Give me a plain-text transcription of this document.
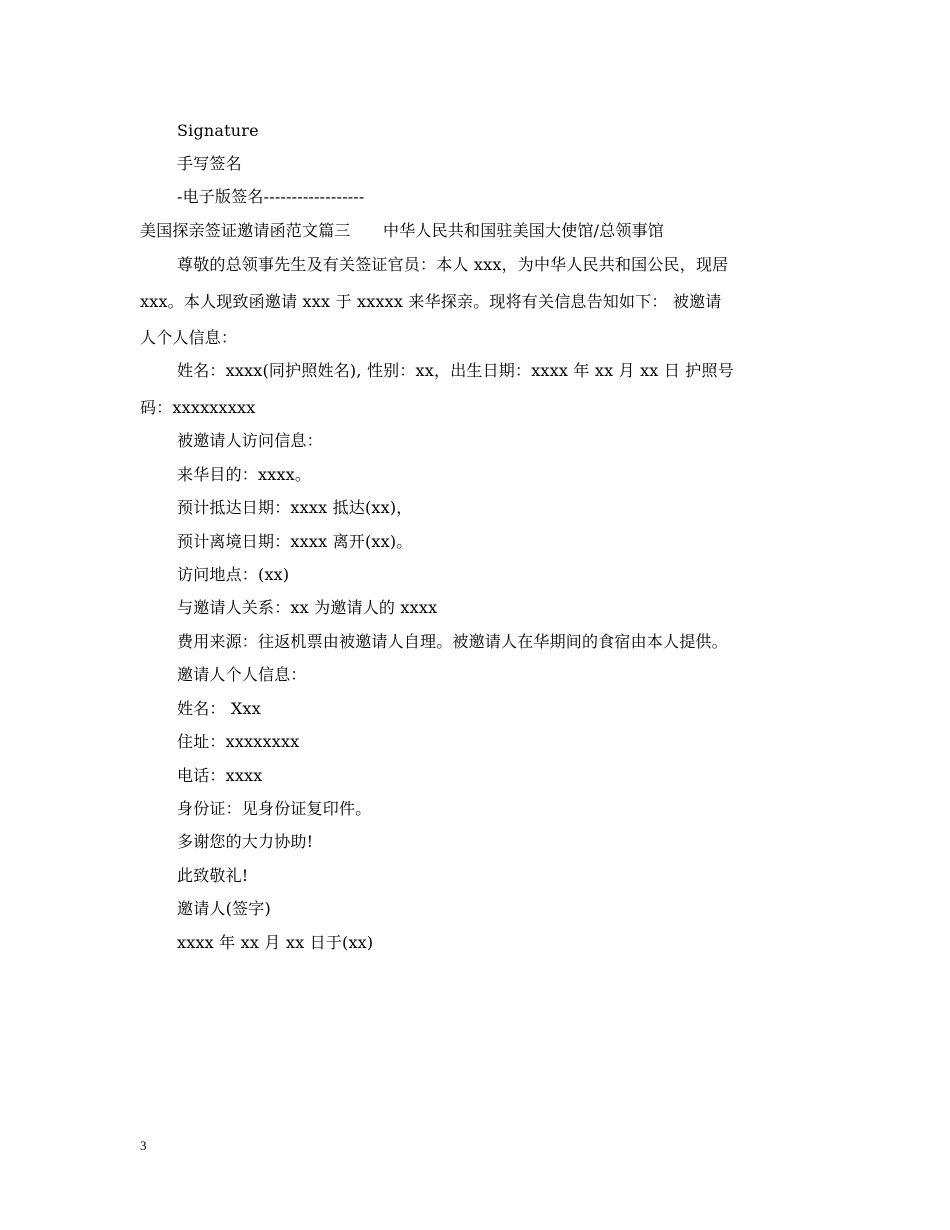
Signature
手写签名
-电子版签名------------------
美国探亲签证邀请函范文篇三　　中华人民共和国驻美国大使馆/总领事馆
尊敬的总领事先生及有关签证官员：本人 xxx，为中华人民共和国公民，现居
xxx。本人现致函邀请 xxx 于 xxxxx 来华探亲。现将有关信息告知如下： 被邀请
人个人信息：
姓名：xxxx(同护照姓名), 性别：xx，出生日期：xxxx 年 xx 月 xx 日 护照号
码：xxxxxxxxx
被邀请人访问信息：
来华目的：xxxx。
预计抵达日期：xxxx 抵达(xx)，
预计离境日期：xxxx 离开(xx)。
访问地点：(xx)
与邀请人关系：xx 为邀请人的 xxxx
费用来源：往返机票由被邀请人自理。被邀请人在华期间的食宿由本人提供。
邀请人个人信息：
姓名： Xxx
住址：xxxxxxxx
电话：xxxx
身份证：见身份证复印件。
多谢您的大力协助!
此致敬礼!
邀请人(签字)
xxxx 年 xx 月 xx 日于(xx)
3
